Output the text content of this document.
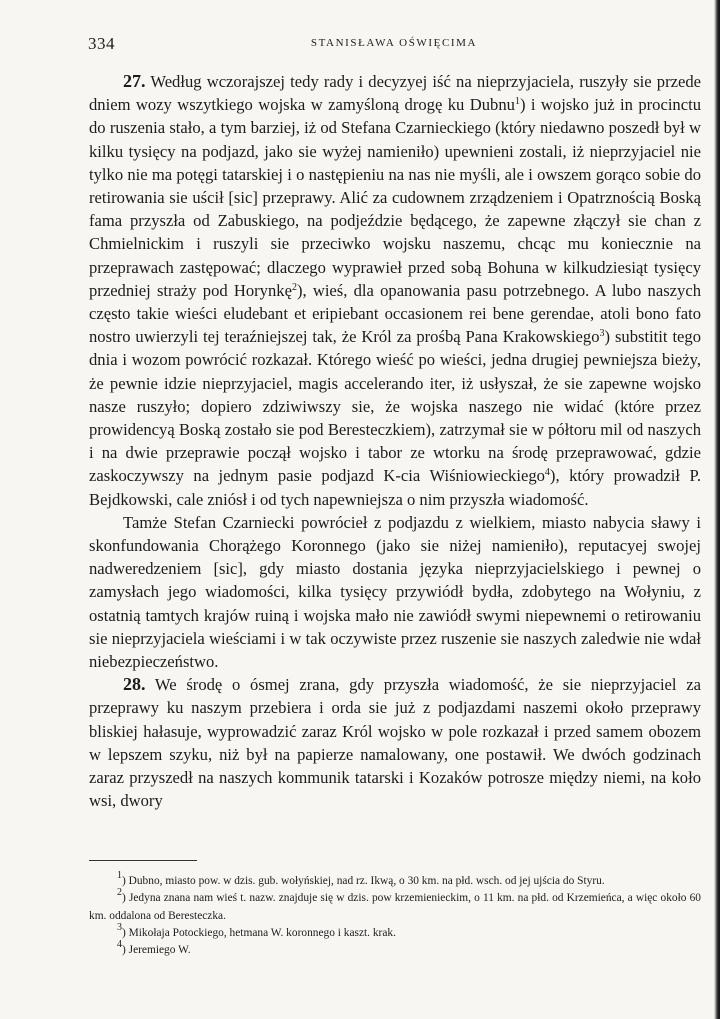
334	STANISŁAWA OŚWIĘCIMA

27. Według wczorajszej tedy rady i decyzyej iść na nieprzyjaciela, ruszyły sie przede dniem wozy wszytkiego wojska w zamyśloną drogę ku Dubnu$^1$) i wojsko już in procinctu do ruszenia stało, a tym barziej, iż od Stefana Czarnieckiego (który niedawno poszedł był w kilku tysięcy na podjazd, jako sie wyżej namieniło) upewnieni zostali, iż nieprzyjaciel nie tylko nie ma potęgi tatarskiej i o następieniu na nas nie myśli, ale i owszem gorąco sobie do retirowania sie uścił [sic] przeprawy. Alić za cudownem zrządzeniem i Opatrznością Boską fama przyszła od Zabuskiego, na podjeździe będącego, że zapewne złączył sie chan z Chmielnickim i ruszyli sie przeciwko wojsku naszemu, chcąc mu koniecznie na przeprawach zastępować; dlaczego wyprawieł przed sobą Bohuna w kilkudziesiąt tysięcy przedniej straży pod Horynkę$^2$), wieś, dla opanowania pasu potrzebnego. A lubo naszych często takie wieści eludebant et eripiebant occasionem rei bene gerendae, atoli bono fato nostro uwierzyli tej teraźniejszej tak, że Król za prośbą Pana Krakowskiego$^3$) substitit tego dnia i wozom powrócić rozkazał. Którego wieść po wieści, jedna drugiej pewniejsza bieży, że pewnie idzie nieprzyjaciel, magis accelerando iter, iż usłyszał, że sie zapewne wojsko nasze ruszyło; dopiero zdziwiwszy sie, że wojska naszego nie widać (które przez prowidencyą Boską zostało sie pod Beresteczkiem), zatrzymał sie w półtoru mil od naszych i na dwie przeprawie począł wojsko i tabor ze wtorku na środę przeprawować, gdzie zaskoczywszy na jednym pasie podjazd K-cia Wiśniowieckiego$^4$), który prowadził P. Bejdkowski, cale zniósł i od tych napewniejsza o nim przyszła wiadomość.

Tamże Stefan Czarniecki powrócieł z podjazdu z wielkiem, miasto nabycia sławy i skonfundowania Chorążego Koronnego (jako sie niżej namieniło), reputacyej swojej nadweredzeniem [sic], gdy miasto dostania języka nieprzyjacielskiego i pewnej o zamysłach jego wiadomości, kilka tysięcy przywiódł bydła, zdobytego na Wołyniu, z ostatnią tamtych krajów ruiną i wojska mało nie zawiódł swymi niepewnemi o retirowaniu sie nieprzyjaciela wieściami i w tak oczywiste przez ruszenie sie naszych zaledwie nie wdał niebezpieczeństwo.

28. We środę o ósmej zrana, gdy przyszła wiadomość, że sie nieprzyjaciel za przeprawy ku naszym przebiera i orda sie już z podjazdami naszemi około przeprawy bliskiej hałasuje, wyprowadzić zaraz Król wojsko w pole rozkazał i przed samem obozem w lepszem szyku, niż był na papierze namalowany, one postawił. We dwóch godzinach zaraz przyszedł na naszych kommunik tatarski i Kozaków potrosze między niemi, na koło wsi, dwory

$^1$) Dubno, miasto pow. w dzis. gub. wołyńskiej, nad rz. Ikwą, o 30 km. na płd. wsch. od jej ujścia do Styru.

$^2$) Jedyna znana nam wieś t. nazw. znajduje się w dzis. pow krzemienieckim, o 11 km. na płd. od Krzemieńca, a więc około 60 km. oddalona od Beresteczka.

$^3$) Mikołaja Potockiego, hetmana W. koronnego i kaszt. krak.

$^4$) Jeremiego W.
